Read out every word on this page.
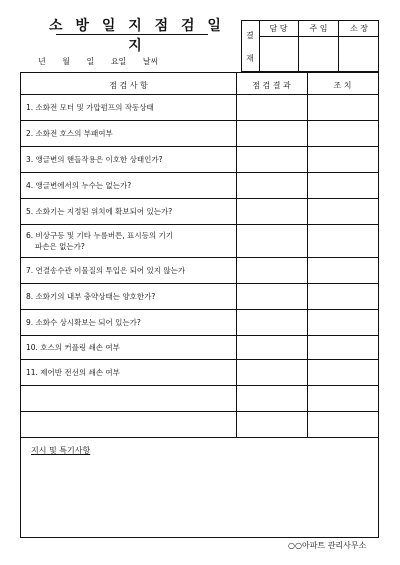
소 방 일 지 점 검 일 지
년 월 일 요일 날씨
결
재
담 당	주 임	소 장
점 검 사 항	점 검 결 과	조 치
1. 소화전 모터 및 가압펌프의 작동상태
2. 소화전 호스의 부패여부
3. 앵글변의 핸들작용은 이호한 상태인가?
4. 앵글변에서의 누수는 없는가?
5. 소화기는 지정된 위치에 확보되어 있는가?
6. 비상구등 및 기타 누름버튼, 표시등의 기기
파손은 없는가?
7. 연결송수관 이물질의 투입은 되어 있지 않는가
8. 소화기의 내부 충약상태는 양호한가?
9. 소화수 상시확보는 되어 있는가?
10. 호스의 커플링 쇄손 여부
11. 제어반 전선의 쇄손 여부
지시 및 특기사항
○○아파트 관리사무소
